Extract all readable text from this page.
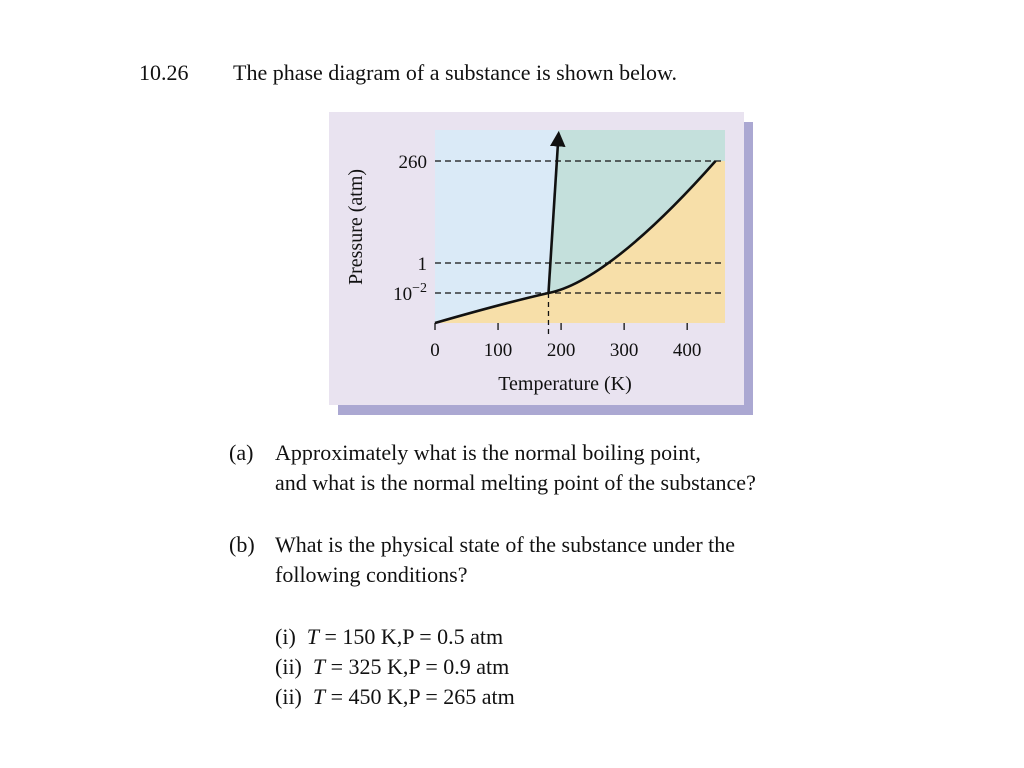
10.26 The phase diagram of a substance is shown below.
0 100 200 300 400
$10^{-2}$
1
260
Temperature (K)
Pressure (atm)
(a) Approximately what is the normal boiling point,
and what is the normal melting point of the substance?
(b) What is the physical state of the substance under the
following conditions?
(i) T = 150 K,P = 0.5 atm
(ii) T = 325 K,P = 0.9 atm
(ii) T = 450 K,P = 265 atm
